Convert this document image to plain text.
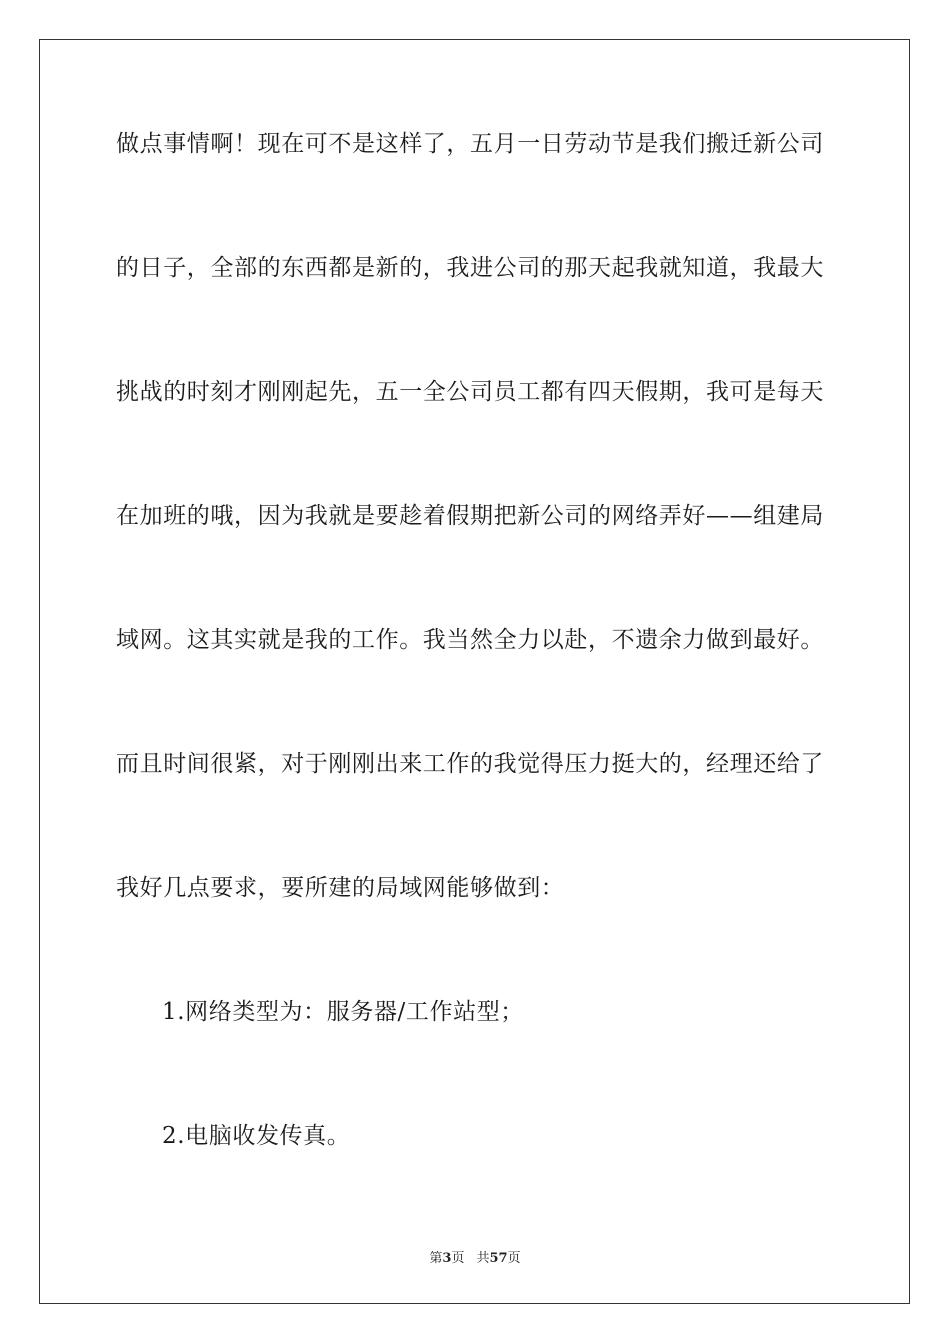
做点事情啊！现在可不是这样了，五月一日劳动节是我们搬迁新公司
的日子，全部的东西都是新的，我进公司的那天起我就知道，我最大
挑战的时刻才刚刚起先，五一全公司员工都有四天假期，我可是每天
在加班的哦，因为我就是要趁着假期把新公司的网络弄好——组建局
域网。这其实就是我的工作。我当然全力以赴，不遗余力做到最好。
而且时间很紧，对于刚刚出来工作的我觉得压力挺大的，经理还给了
我好几点要求，要所建的局域网能够做到：
1.网络类型为：服务器/工作站型；
2.电脑收发传真。
第3页 共57页
